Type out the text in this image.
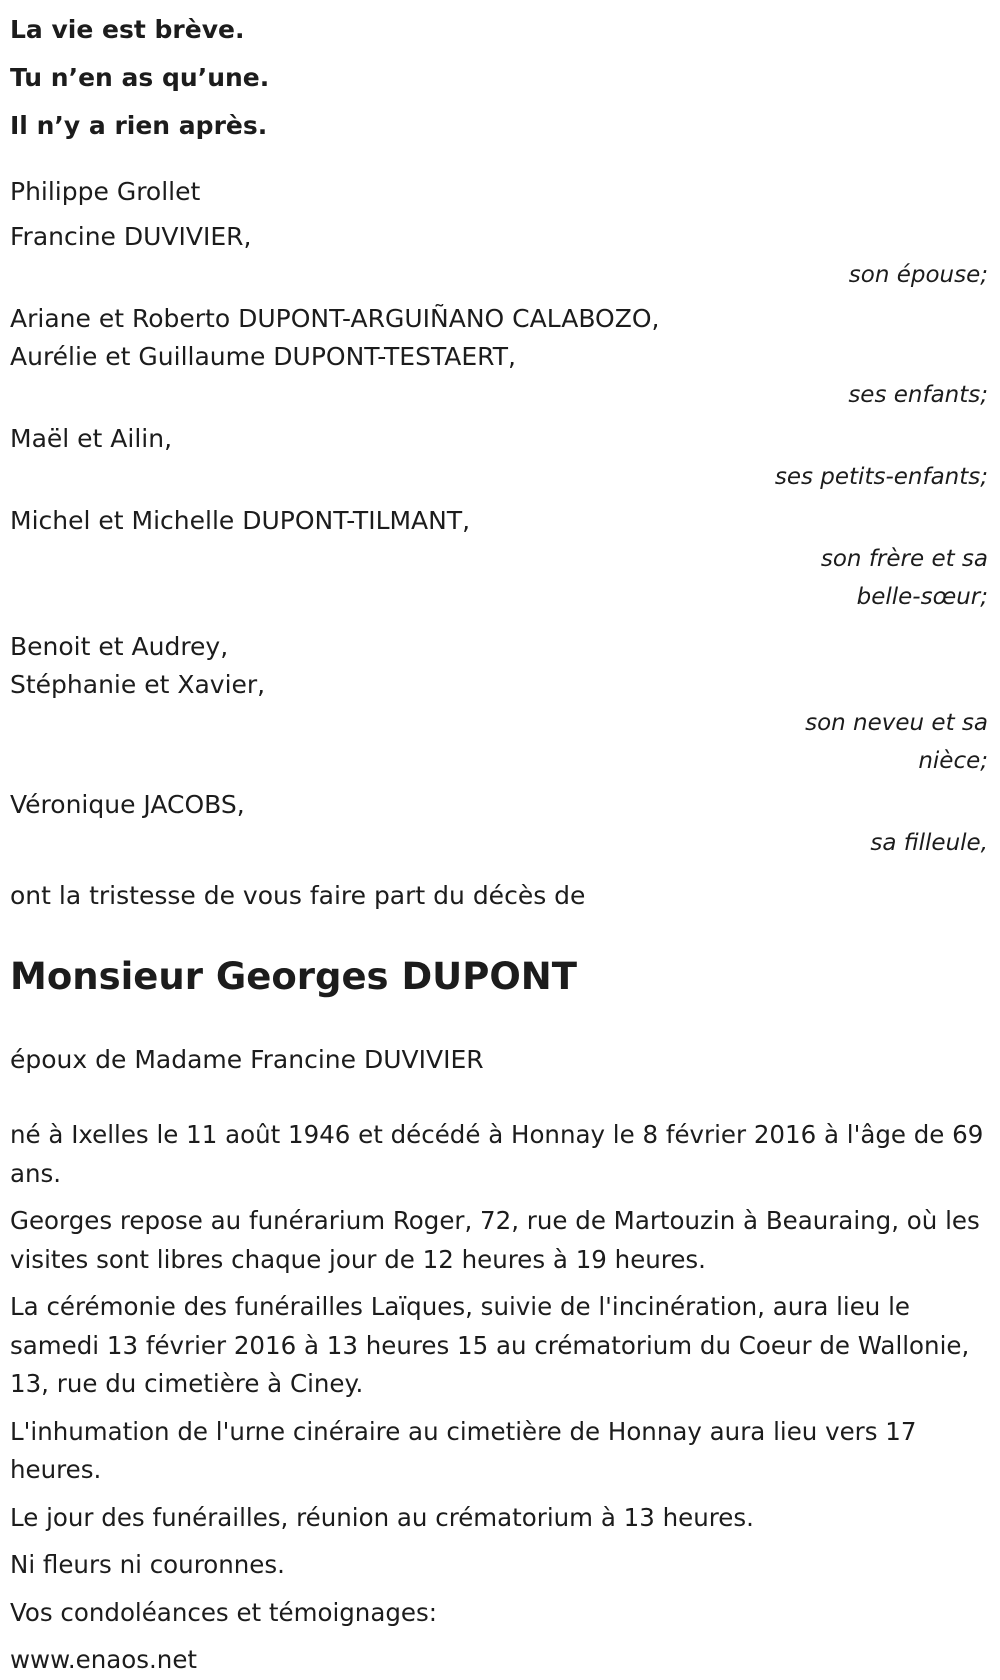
La vie est brève.
Tu n’en as qu’une.
Il n’y a rien après.
Philippe Grollet
Francine DUVIVIER,
son épouse;
Ariane et Roberto DUPONT-ARGUIÑANO CALABOZO,
Aurélie et Guillaume DUPONT-TESTAERT,
ses enfants;
Maël et Ailin,
ses petits-enfants;
Michel et Michelle DUPONT-TILMANT,
son frère et sa
belle-sœur;
Benoit et Audrey,
Stéphanie et Xavier,
son neveu et sa
nièce;
Véronique JACOBS,
sa filleule,
ont la tristesse de vous faire part du décès de
Monsieur Georges DUPONT
époux de Madame Francine DUVIVIER

né à Ixelles le 11 août 1946 et décédé à Honnay le 8 février 2016 à l'âge de 69 ans.

Georges repose au funérarium Roger, 72, rue de Martouzin à Beauraing, où les visites sont libres chaque jour de 12 heures à 19 heures.

La cérémonie des funérailles Laïques, suivie de l'incinération, aura lieu le samedi 13 février 2016 à 13 heures 15 au crématorium du Coeur de Wallonie, 13, rue du cimetière à Ciney.

L'inhumation de l'urne cinéraire au cimetière de Honnay aura lieu vers 17 heures.

Le jour des funérailles, réunion au crématorium à 13 heures.

Ni fleurs ni couronnes.

Vos condoléances et témoignages:

www.enaos.net
